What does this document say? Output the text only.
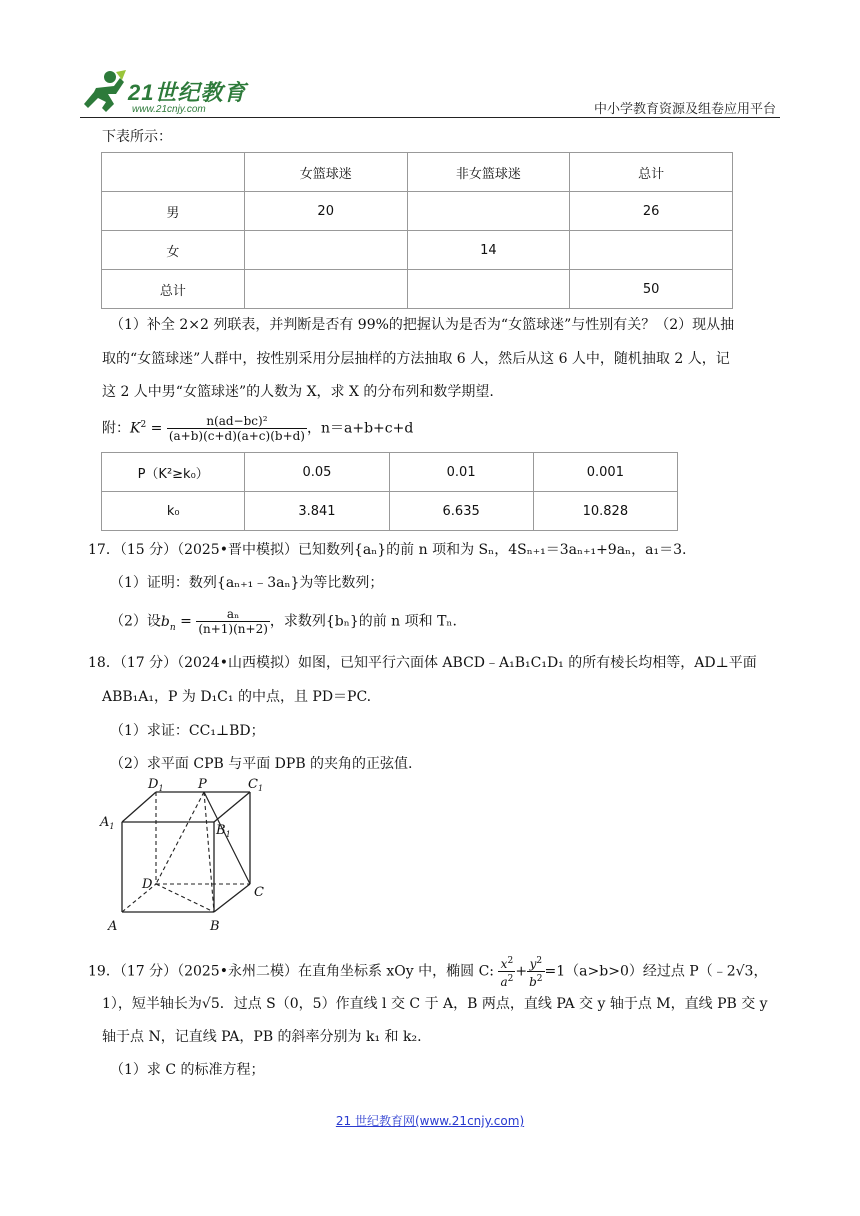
21世纪教育
www.21cnjy.com	中小学教育资源及组卷应用平台
下表所示：
	女篮球迷	非女篮球迷	总计
男	20		26
女		14	
总计			50
（1）补全 2×2 列联表，并判断是否有 99%的把握认为是否为“女篮球迷”与性别有关？（2）现从抽
取的“女篮球迷”人群中，按性别采用分层抽样的方法抽取 6 人，然后从这 6 人中，随机抽取 2 人，记
这 2 人中男“女篮球迷”的人数为 X，求 X 的分布列和数学期望.
附：$K^2 = \frac{\text{n(ad−bc)²}}{(a+b)(c+d)(a+c)(b+d)}$ ，n＝a+b+c+d
P（K²≥k₀）	0.05	0.01	0.001
k₀	3.841	6.635	10.828
17．（15 分）（2025•晋中模拟）已知数列{aₙ}的前 n 项和为 Sₙ，4Sₙ₊₁＝3aₙ₊₁+9aₙ，a₁＝3.
（1）证明：数列{aₙ₊₁﹣3aₙ}为等比数列；
（2）设$b_n = \frac{\text{aₙ}}{(n+1)(n+2)}$ ，求数列{bₙ}的前 n 项和 Tₙ.
18．（17 分）（2024•山西模拟）如图，已知平行六面体 ABCD﹣A₁B₁C₁D₁ 的所有棱长均相等，AD⊥平面
ABB₁A₁，P 为 D₁C₁ 的中点，且 PD＝PC.
（1）求证：CC₁⊥BD；
（2）求平面 CPB 与平面 DPB 的夹角的正弦值.
$D_1$	P	$C_1$
$A_1$	$B_1$
D
C
A	B
19．（17 分）（2025•永州二模）在直角坐标系 xOy 中，椭圆 C: $\frac{x^2}{a^2} + \frac{y^2}{b^2} =1(a>b>0)$经过点 P（﹣2√3，
1），短半轴长为√5．过点 S（0，5）作直线 l 交 C 于 A，B 两点，直线 PA 交 y 轴于点 M，直线 PB 交 y
轴于点 N，记直线 PA，PB 的斜率分别为 k₁ 和 k₂.
（1）求 C 的标准方程；
21 世纪教育网(www.21cnjy.com)
